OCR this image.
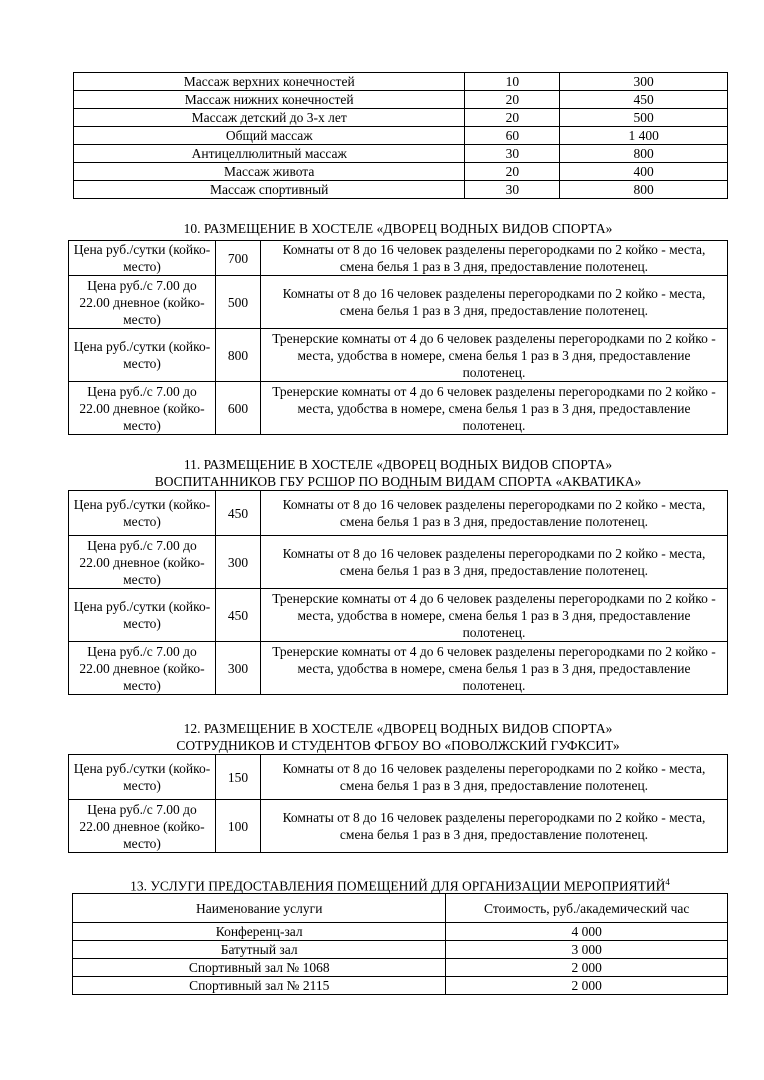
Массаж верхних конечностей	10	300
Массаж нижних конечностей	20	450
Массаж детский до 3-х лет	20	500
Общий массаж	60	1 400
Антицеллюлитный массаж	30	800
Массаж живота	20	400
Массаж спортивный	30	800
10. РАЗМЕЩЕНИЕ В ХОСТЕЛЕ «ДВОРЕЦ ВОДНЫХ ВИДОВ СПОРТА»
Цена руб./сутки (койко-место)	700	Комнаты от 8 до 16 человек разделены перегородками по 2 койко - места, смена белья 1 раз в 3 дня, предоставление полотенец.
Цена руб./с 7.00 до 22.00 дневное (койко-место)	500	Комнаты от 8 до 16 человек разделены перегородками по 2 койко - места, смена белья 1 раз в 3 дня, предоставление полотенец.
Цена руб./сутки (койко-место)	800	Тренерские комнаты от 4 до 6 человек разделены перегородками по 2 койко - места, удобства в номере, смена белья 1 раз в 3 дня, предоставление полотенец.
Цена руб./с 7.00 до 22.00 дневное (койко-место)	600	Тренерские комнаты от 4 до 6 человек разделены перегородками по 2 койко - места, удобства в номере, смена белья 1 раз в 3 дня, предоставление полотенец.
11. РАЗМЕЩЕНИЕ В ХОСТЕЛЕ «ДВОРЕЦ ВОДНЫХ ВИДОВ СПОРТА»
ВОСПИТАННИКОВ ГБУ РСШОР ПО ВОДНЫМ ВИДАМ СПОРТА «АКВАТИКА»
Цена руб./сутки (койко-место)	450	Комнаты от 8 до 16 человек разделены перегородками по 2 койко - места, смена белья 1 раз в 3 дня, предоставление полотенец.
Цена руб./с 7.00 до 22.00 дневное (койко-место)	300	Комнаты от 8 до 16 человек разделены перегородками по 2 койко - места, смена белья 1 раз в 3 дня, предоставление полотенец.
Цена руб./сутки (койко-место)	450	Тренерские комнаты от 4 до 6 человек разделены перегородками по 2 койко - места, удобства в номере, смена белья 1 раз в 3 дня, предоставление полотенец.
Цена руб./с 7.00 до 22.00 дневное (койко-место)	300	Тренерские комнаты от 4 до 6 человек разделены перегородками по 2 койко - места, удобства в номере, смена белья 1 раз в 3 дня, предоставление полотенец.
12. РАЗМЕЩЕНИЕ В ХОСТЕЛЕ «ДВОРЕЦ ВОДНЫХ ВИДОВ СПОРТА»
СОТРУДНИКОВ И СТУДЕНТОВ ФГБОУ ВО «ПОВОЛЖСКИЙ ГУФКСИТ»
Цена руб./сутки (койко-место)	150	Комнаты от 8 до 16 человек разделены перегородками по 2 койко - места, смена белья 1 раз в 3 дня, предоставление полотенец.
Цена руб./с 7.00 до 22.00 дневное (койко-место)	100	Комнаты от 8 до 16 человек разделены перегородками по 2 койко - места, смена белья 1 раз в 3 дня, предоставление полотенец.
13. УСЛУГИ ПРЕДОСТАВЛЕНИЯ ПОМЕЩЕНИЙ ДЛЯ ОРГАНИЗАЦИИ МЕРОПРИЯТИЙ$^4$
Наименование услуги	Стоимость, руб./академический час
Конференц-зал	4 000
Батутный зал	3 000
Спортивный зал № 1068	2 000
Спортивный зал № 2115	2 000
